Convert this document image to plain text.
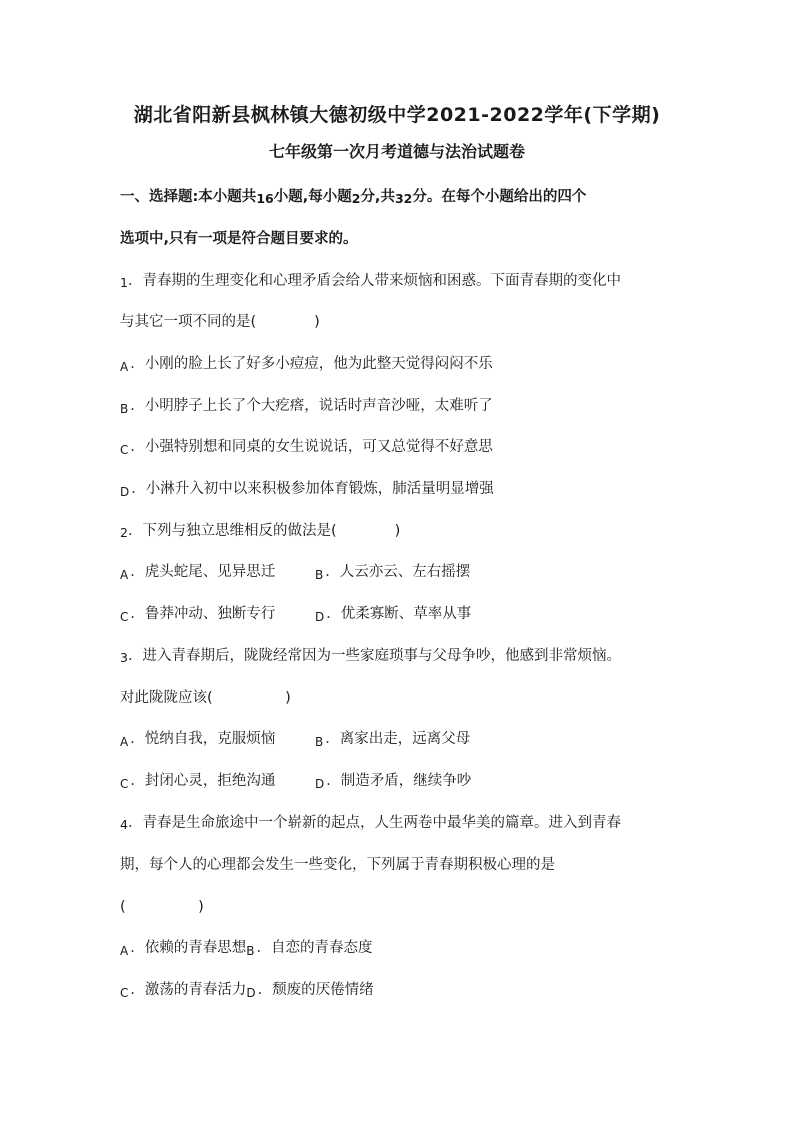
湖北省阳新县枫林镇大德初级中学2021-2022学年(下学期)
七年级第一次月考道德与法治试题卷
一、选择题:本小题共16小题,每小题2分,共32分。在每个小题给出的四个
选项中,只有一项是符合题目要求的。
1．青春期的生理变化和心理矛盾会给人带来烦恼和困惑。下面青春期的变化中
与其它一项不同的是(　　　　)
$_A$ ．小刚的脸上长了好多小痘痘，他为此整天觉得闷闷不乐
$_B$ ．小明脖子上长了个大疙瘩，说话时声音沙哑，太难听了
$_C$ ．小强特别想和同桌的女生说说话，可又总觉得不好意思
$_D$ ．小淋升入初中以来积极参加体育锻炼，肺活量明显增强
2．下列与独立思维相反的做法是(　　　　)
$_A$ ．虎头蛇尾、见异思迁	$_B$ ．人云亦云、左右摇摆
$_C$ ．鲁莽冲动、独断专行	$_D$ ．优柔寡断、草率从事
3．进入青春期后，陇陇经常因为一些家庭琐事与父母争吵，他感到非常烦恼。
对此陇陇应该(　　　　　)
$_A$ ．悦纳自我，克服烦恼	$_B$ ．离家出走，远离父母
$_C$ ．封闭心灵，拒绝沟通	$_D$ ．制造矛盾，继续争吵
4．青春是生命旅途中一个崭新的起点，人生两卷中最华美的篇章。进入到青春
期，每个人的心理都会发生一些变化，下列属于青春期积极心理的是
(　　　　　)
$_A$ ．依赖的青春思想$_B$ ．自恋的青春态度
$_C$ ．激荡的青春活力$_D$ ．颓废的厌倦情绪
